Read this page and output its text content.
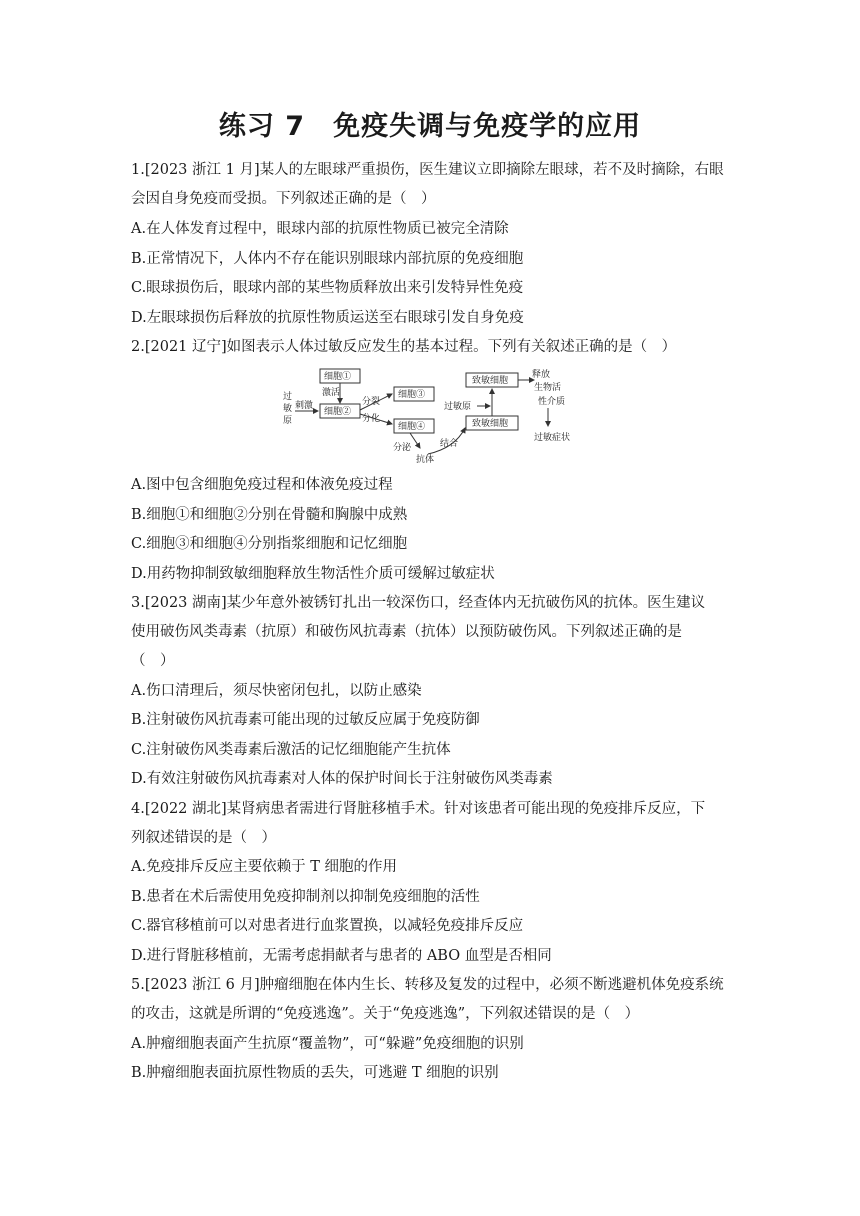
练习 7　免疫失调与免疫学的应用
1.[2023 浙江 1 月]某人的左眼球严重损伤，医生建议立即摘除左眼球，若不及时摘除，右眼
会因自身免疫而受损。下列叙述正确的是（　）
A.在人体发育过程中，眼球内部的抗原性物质已被完全清除
B.正常情况下，人体内不存在能识别眼球内部抗原的免疫细胞
C.眼球损伤后，眼球内部的某些物质释放出来引发特异性免疫
D.左眼球损伤后释放的抗原性物质运送至右眼球引发自身免疫
2.[2021 辽宁]如图表示人体过敏反应发生的基本过程。下列有关叙述正确的是（　）
过
敏
原
刺激
细胞①
激活
细胞②
分裂
分化
细胞③
细胞④
分泌
抗体
结合
致敏细胞
致敏细胞
过敏原
释放
生物活
性介质
过敏症状
A.图中包含细胞免疫过程和体液免疫过程
B.细胞①和细胞②分别在骨髓和胸腺中成熟
C.细胞③和细胞④分别指浆细胞和记忆细胞
D.用药物抑制致敏细胞释放生物活性介质可缓解过敏症状
3.[2023 湖南]某少年意外被锈钉扎出一较深伤口，经查体内无抗破伤风的抗体。医生建议
使用破伤风类毒素（抗原）和破伤风抗毒素（抗体）以预防破伤风。下列叙述正确的是
（　）
A.伤口清理后，须尽快密闭包扎，以防止感染
B.注射破伤风抗毒素可能出现的过敏反应属于免疫防御
C.注射破伤风类毒素后激活的记忆细胞能产生抗体
D.有效注射破伤风抗毒素对人体的保护时间长于注射破伤风类毒素
4.[2022 湖北]某肾病患者需进行肾脏移植手术。针对该患者可能出现的免疫排斥反应，下
列叙述错误的是（　）
A.免疫排斥反应主要依赖于 T 细胞的作用
B.患者在术后需使用免疫抑制剂以抑制免疫细胞的活性
C.器官移植前可以对患者进行血浆置换，以减轻免疫排斥反应
D.进行肾脏移植前，无需考虑捐献者与患者的 ABO 血型是否相同
5.[2023 浙江 6 月]肿瘤细胞在体内生长、转移及复发的过程中，必须不断逃避机体免疫系统
的攻击，这就是所谓的“免疫逃逸”。关于“免疫逃逸”，下列叙述错误的是（　）
A.肿瘤细胞表面产生抗原“覆盖物”，可“躲避”免疫细胞的识别
B.肿瘤细胞表面抗原性物质的丢失，可逃避 T 细胞的识别
